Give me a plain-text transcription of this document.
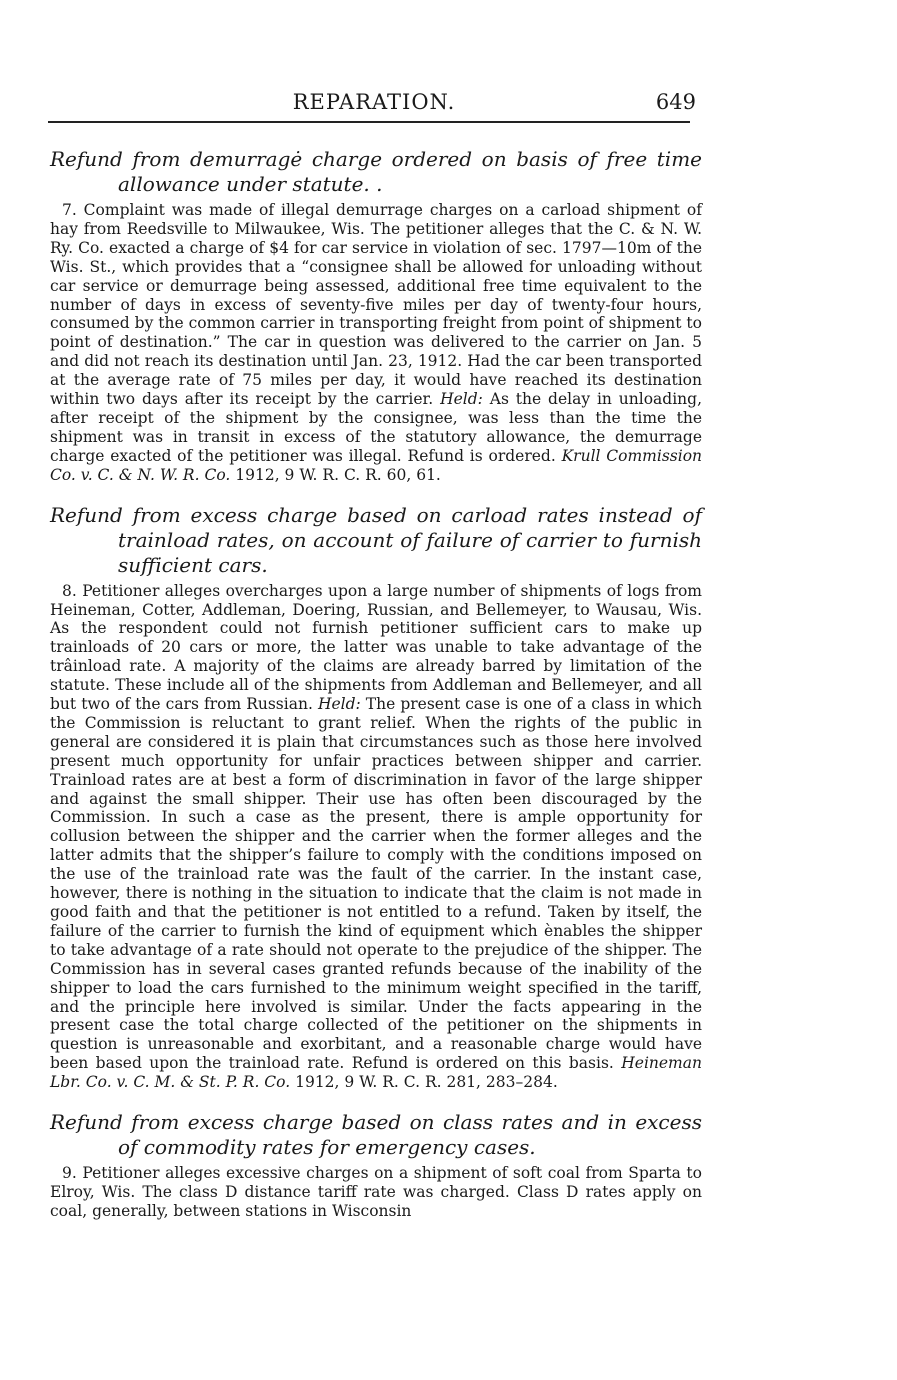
REPARATION.	649

Refund from demurragė charge ordered on basis of free time allowance under statute. .

7. Complaint was made of illegal demurrage charges on a carload shipment of hay from Reedsville to Milwaukee, Wis. The petitioner alleges that the C. & N. W. Ry. Co. exacted a charge of $4 for car service in violation of sec. 1797—10m of the Wis. St., which provides that a “consignee shall be allowed for unloading without car service or demurrage being assessed, additional free time equivalent to the number of days in excess of seventy-five miles per day of twenty-four hours, consumed by the common carrier in transporting freight from point of shipment to point of destination.” The car in question was delivered to the carrier on Jan. 5 and did not reach its destination until Jan. 23, 1912. Had the car been transported at the average rate of 75 miles per day, it would have reached its destination within two days after its receipt by the carrier. Held: As the delay in unloading, after receipt of the shipment by the consignee, was less than the time the shipment was in transit in excess of the statutory allowance, the demurrage charge exacted of the petitioner was illegal. Refund is ordered. Krull Commission Co. v. C. & N. W. R. Co. 1912, 9 W. R. C. R. 60, 61.

Refund from excess charge based on carload rates instead of trainload rates, on account of failure of carrier to furnish sufficient cars.

8. Petitioner alleges overcharges upon a large number of shipments of logs from Heineman, Cotter, Addleman, Doering, Russian, and Bellemeyer, to Wausau, Wis. As the respondent could not furnish petitioner sufficient cars to make up trainloads of 20 cars or more, the latter was unable to take advantage of the trâinload rate. A majority of the claims are already barred by limitation of the statute. These include all of the shipments from Addleman and Bellemeyer, and all but two of the cars from Russian. Held: The present case is one of a class in which the Commission is reluctant to grant relief. When the rights of the public in general are considered it is plain that circumstances such as those here involved present much opportunity for unfair practices between shipper and carrier. Trainload rates are at best a form of discrimination in favor of the large shipper and against the small shipper. Their use has often been discouraged by the Commission. In such a case as the present, there is ample opportunity for collusion between the shipper and the carrier when the former alleges and the latter admits that the shipper’s failure to comply with the conditions imposed on the use of the trainload rate was the fault of the carrier. In the instant case, however, there is nothing in the situation to indicate that the claim is not made in good faith and that the petitioner is not entitled to a refund. Taken by itself, the failure of the carrier to furnish the kind of equipment which ènables the shipper to take advantage of a rate should not operate to the prejudice of the shipper. The Commission has in several cases granted refunds because of the inability of the shipper to load the cars furnished to the minimum weight specified in the tariff, and the principle here involved is similar. Under the facts appearing in the present case the total charge collected of the petitioner on the shipments in question is unreasonable and exorbitant, and a reasonable charge would have been based upon the trainload rate. Refund is ordered on this basis. Heineman Lbr. Co. v. C. M. & St. P. R. Co. 1912, 9 W. R. C. R. 281, 283–284.

Refund from excess charge based on class rates and in excess of commodity rates for emergency cases.

9. Petitioner alleges excessive charges on a shipment of soft coal from Sparta to Elroy, Wis. The class D distance tariff rate was charged. Class D rates apply on coal, generally, between stations in Wisconsin
